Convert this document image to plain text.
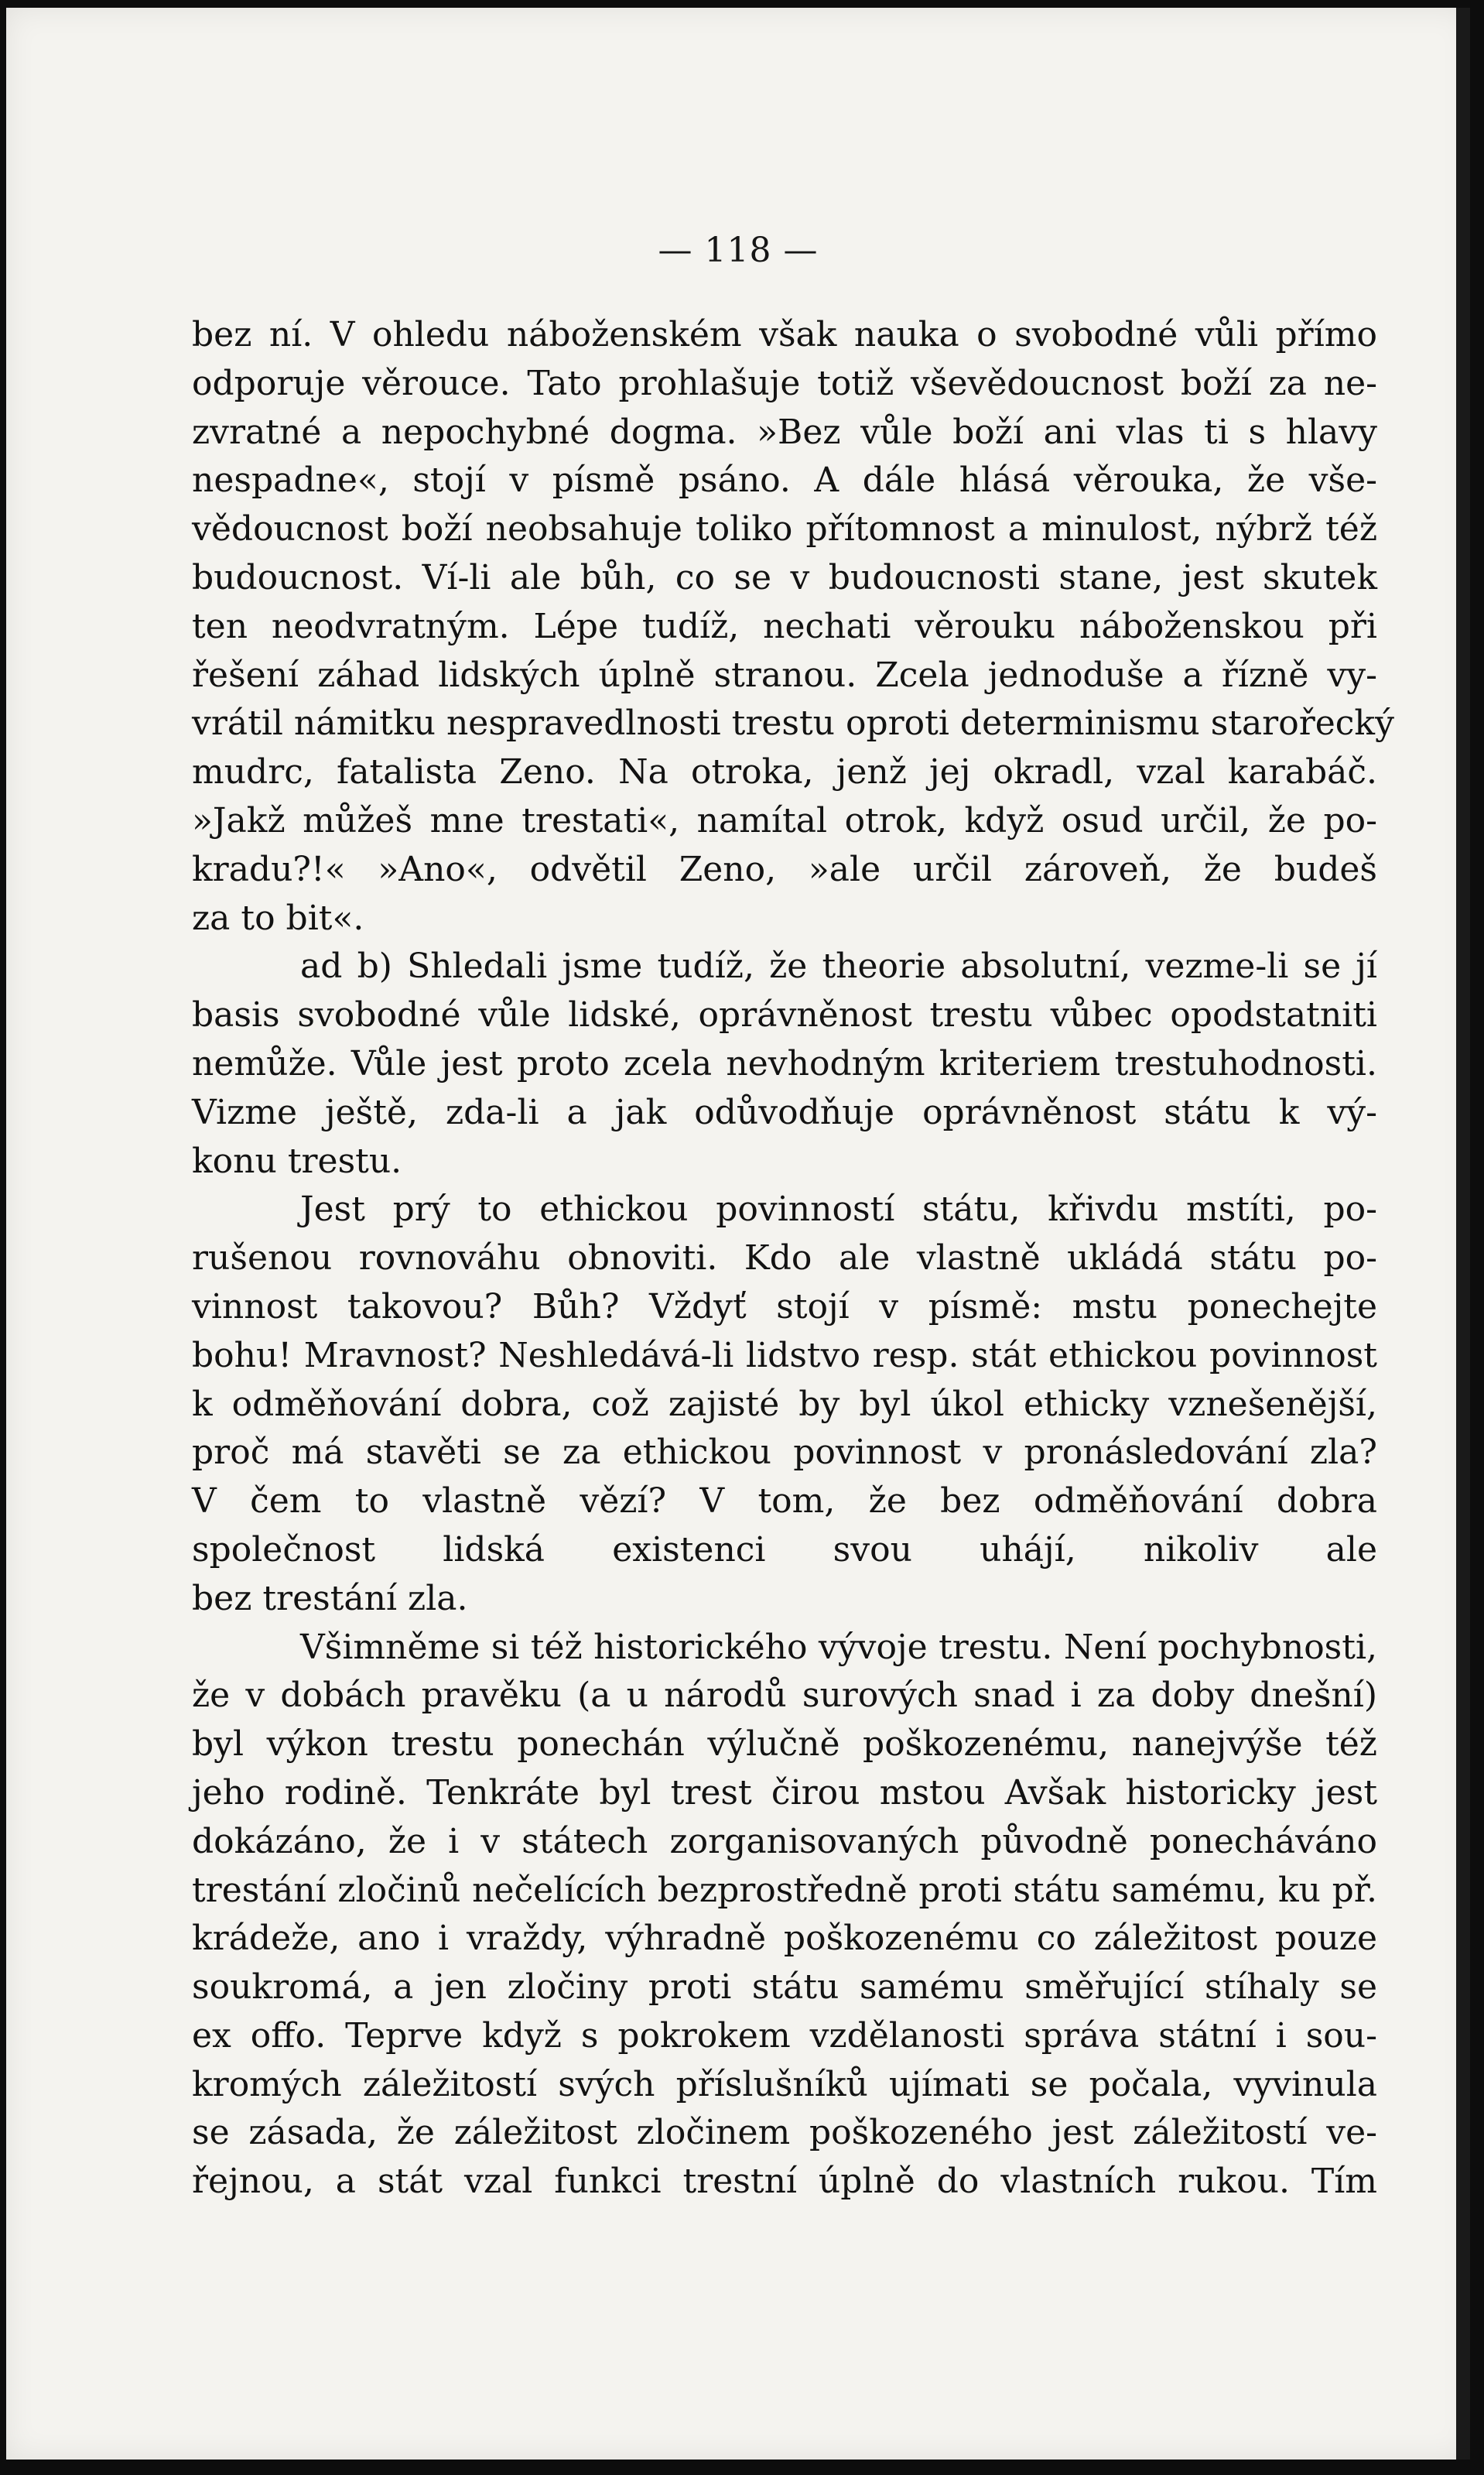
— 118 —
bez ní. V ohledu náboženském však nauka o svobodné vůli přímo
odporuje věrouce. Tato prohlašuje totiž vševědoucnost boží za ne-
zvratné a nepochybné dogma. »Bez vůle boží ani vlas ti s hlavy
nespadne«, stojí v písmě psáno. A dále hlásá věrouka, že vše-
vědoucnost boží neobsahuje toliko přítomnost a minulost, nýbrž též
budoucnost. Ví-li ale bůh, co se v budoucnosti stane, jest skutek
ten neodvratným. Lépe tudíž, nechati věrouku náboženskou při
řešení záhad lidských úplně stranou. Zcela jednoduše a řízně vy-
vrátil námitku nespravedlnosti trestu oproti determinismu starořecký
mudrc, fatalista Zeno. Na otroka, jenž jej okradl, vzal karabáč.
»Jakž můžeš mne trestati«, namítal otrok, když osud určil, že po-
kradu?!« »Ano«, odvětil Zeno, »ale určil zároveň, že budeš
za to bit«.
ad b) Shledali jsme tudíž, že theorie absolutní, vezme-li se jí
basis svobodné vůle lidské, oprávněnost trestu vůbec opodstatniti
nemůže. Vůle jest proto zcela nevhodným kriteriem trestuhodnosti.
Vizme ještě, zda-li a jak odůvodňuje oprávněnost státu k vý-
konu trestu.
Jest prý to ethickou povinností státu, křivdu mstíti, po-
rušenou rovnováhu obnoviti. Kdo ale vlastně ukládá státu po-
vinnost takovou? Bůh? Vždyť stojí v písmě: mstu ponechejte
bohu! Mravnost? Neshledává-li lidstvo resp. stát ethickou povinnost
k odměňování dobra, což zajisté by byl úkol ethicky vznešenější,
proč má stavěti se za ethickou povinnost v pronásledování zla?
V čem to vlastně vězí? V tom, že bez odměňování dobra
společnost lidská existenci svou uhájí, nikoliv ale
bez trestání zla.
Všimněme si též historického vývoje trestu. Není pochybnosti,
že v dobách pravěku (a u národů surových snad i za doby dnešní)
byl výkon trestu ponechán výlučně poškozenému, nanejvýše též
jeho rodině. Tenkráte byl trest čirou mstou Avšak historicky jest
dokázáno, že i v státech zorganisovaných původně ponecháváno
trestání zločinů nečelících bezprostředně proti státu samému, ku př.
krádeže, ano i vraždy, výhradně poškozenému co záležitost pouze
soukromá, a jen zločiny proti státu samému směřující stíhaly se
ex offo. Teprve když s pokrokem vzdělanosti správa státní i sou-
kromých záležitostí svých příslušníků ujímati se počala, vyvinula
se zásada, že záležitost zločinem poškozeného jest záležitostí ve-
řejnou, a stát vzal funkci trestní úplně do vlastních rukou. Tím
